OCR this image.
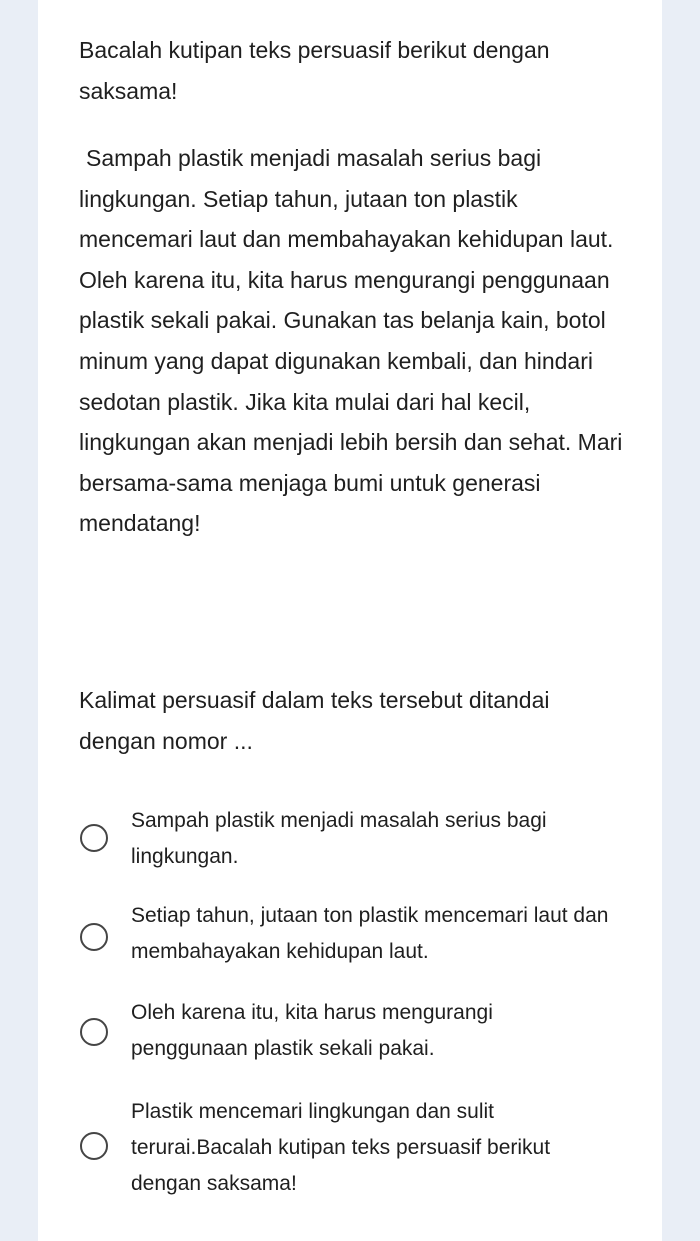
Bacalah kutipan teks persuasif berikut dengan saksama!

Sampah plastik menjadi masalah serius bagi lingkungan. Setiap tahun, jutaan ton plastik mencemari laut dan membahayakan kehidupan laut. Oleh karena itu, kita harus mengurangi penggunaan plastik sekali pakai. Gunakan tas belanja kain, botol minum yang dapat digunakan kembali, dan hindari sedotan plastik. Jika kita mulai dari hal kecil, lingkungan akan menjadi lebih bersih dan sehat. Mari bersama-sama menjaga bumi untuk generasi mendatang!

Kalimat persuasif dalam teks tersebut ditandai dengan nomor ...

Sampah plastik menjadi masalah serius bagi lingkungan.

Setiap tahun, jutaan ton plastik mencemari laut dan membahayakan kehidupan laut.

Oleh karena itu, kita harus mengurangi penggunaan plastik sekali pakai.

Plastik mencemari lingkungan dan sulit terurai.Bacalah kutipan teks persuasif berikut dengan saksama!
